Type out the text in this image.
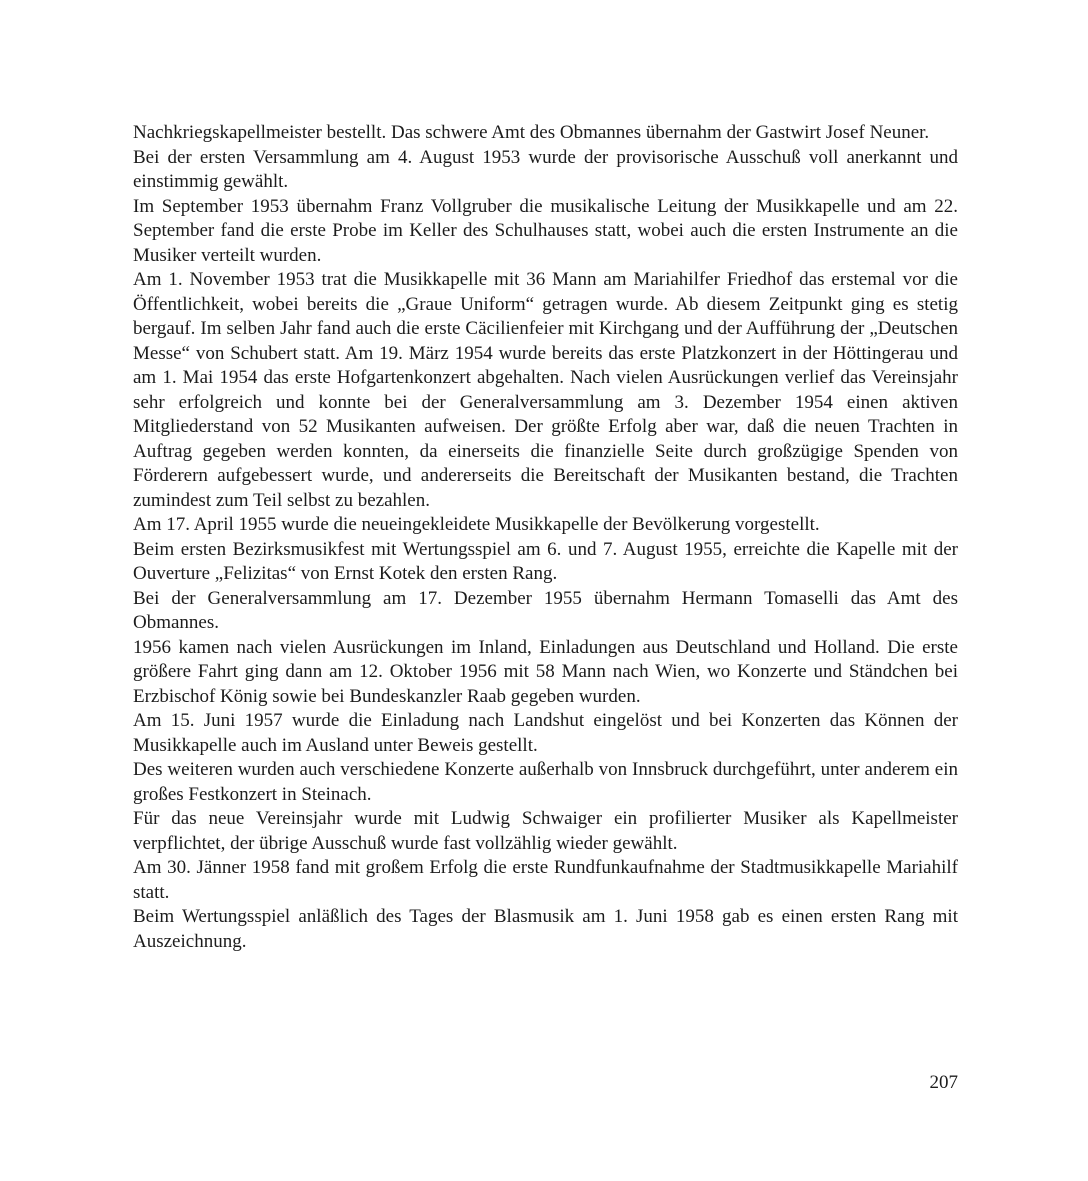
Nachkriegskapellmeister bestellt. Das schwere Amt des Obmannes übernahm der Gastwirt Josef Neuner.

Bei der ersten Versammlung am 4. August 1953 wurde der provisorische Ausschuß voll anerkannt und einstimmig gewählt.

Im September 1953 übernahm Franz Vollgruber die musikalische Leitung der Musikkapelle und am 22. September fand die erste Probe im Keller des Schulhauses statt, wobei auch die ersten Instrumente an die Musiker verteilt wurden.

Am 1. November 1953 trat die Musikkapelle mit 36 Mann am Mariahilfer Friedhof das erstemal vor die Öffentlichkeit, wobei bereits die „Graue Uniform“ getragen wurde. Ab diesem Zeitpunkt ging es stetig bergauf. Im selben Jahr fand auch die erste Cäcilienfeier mit Kirchgang und der Aufführung der „Deutschen Messe“ von Schubert statt. Am 19. März 1954 wurde bereits das erste Platzkonzert in der Höttingerau und am 1. Mai 1954 das erste Hofgartenkonzert abgehalten. Nach vielen Ausrückungen verlief das Vereinsjahr sehr erfolgreich und konnte bei der Generalversammlung am 3. Dezember 1954 einen aktiven Mitgliederstand von 52 Musikanten aufweisen. Der größte Erfolg aber war, daß die neuen Trachten in Auftrag gegeben werden konnten, da einerseits die finanzielle Seite durch großzügige Spenden von Förderern aufgebessert wurde, und andererseits die Bereitschaft der Musikanten bestand, die Trachten zumindest zum Teil selbst zu bezahlen.

Am 17. April 1955 wurde die neueingekleidete Musikkapelle der Bevölkerung vorgestellt.

Beim ersten Bezirksmusikfest mit Wertungsspiel am 6. und 7. August 1955, erreichte die Kapelle mit der Ouverture „Felizitas“ von Ernst Kotek den ersten Rang.

Bei der Generalversammlung am 17. Dezember 1955 übernahm Hermann Tomaselli das Amt des Obmannes.

1956 kamen nach vielen Ausrückungen im Inland, Einladungen aus Deutschland und Holland. Die erste größere Fahrt ging dann am 12. Oktober 1956 mit 58 Mann nach Wien, wo Konzerte und Ständchen bei Erzbischof König sowie bei Bundeskanzler Raab gegeben wurden.

Am 15. Juni 1957 wurde die Einladung nach Landshut eingelöst und bei Konzerten das Können der Musikkapelle auch im Ausland unter Beweis gestellt.

Des weiteren wurden auch verschiedene Konzerte außerhalb von Innsbruck durchgeführt, unter anderem ein großes Festkonzert in Steinach.

Für das neue Vereinsjahr wurde mit Ludwig Schwaiger ein profilierter Musiker als Kapellmeister verpflichtet, der übrige Ausschuß wurde fast vollzählig wieder gewählt.

Am 30. Jänner 1958 fand mit großem Erfolg die erste Rundfunkaufnahme der Stadtmusikkapelle Mariahilf statt.

Beim Wertungsspiel anläßlich des Tages der Blasmusik am 1. Juni 1958 gab es einen ersten Rang mit Auszeichnung.

207
